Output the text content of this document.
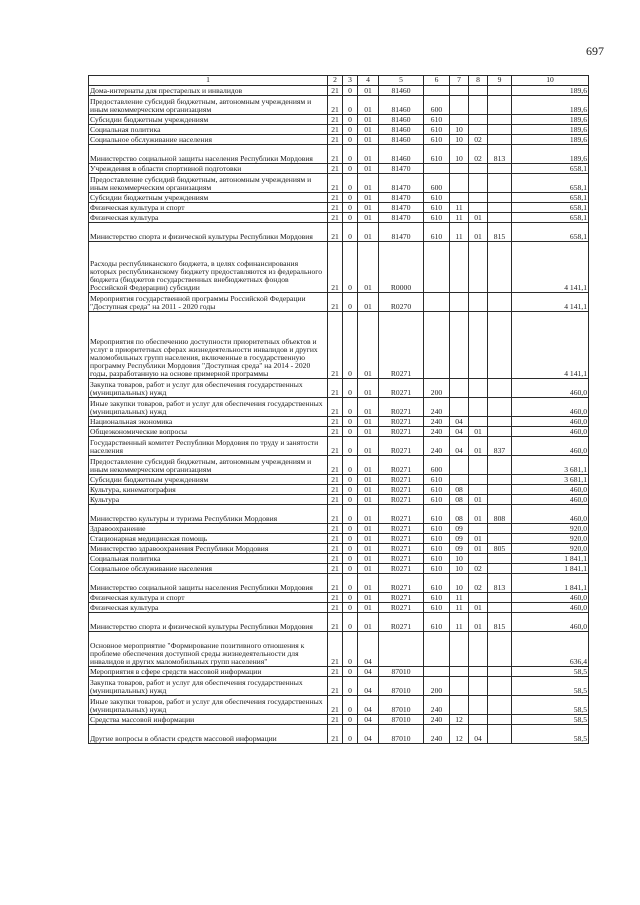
697
1	2	3	4	5	6	7	8	9	10
Дома-интернаты для престарелых и инвалидов	21	0	01	81460					189,6
Предоставление субсидий бюджетным, автономным учреждениям и иным некоммерческим организациям	21	0	01	81460	600				189,6
Субсидии бюджетным учреждениям	21	0	01	81460	610				189,6
Социальная политика	21	0	01	81460	610	10			189,6
Социальное обслуживание населения	21	0	01	81460	610	10	02		189,6
Министерство социальной защиты населения Республики Мордовия	21	0	01	81460	610	10	02	813	189,6
Учреждения в области спортивной подготовки	21	0	01	81470					658,1
Предоставление субсидий бюджетным, автономным учреждениям и иным некоммерческим организациям	21	0	01	81470	600				658,1
Субсидии бюджетным учреждениям	21	0	01	81470	610				658,1
Физическая культура и спорт	21	0	01	81470	610	11			658,1
Физическая культура	21	0	01	81470	610	11	01		658,1
Министерство спорта и физической культуры Республики Мордовия	21	0	01	81470	610	11	01	815	658,1
Расходы республиканского бюджета, в целях софинансирования которых республиканскому бюджету предоставляются из федерального бюджета (бюджетов государственных внебюджетных фондов Российской Федерации) субсидии	21	0	01	R0000					4 141,1
Мероприятия государственной программы Российской Федерации "Доступная среда" на 2011 - 2020 годы	21	0	01	R0270					4 141,1
Мероприятия по обеспечению доступности приоритетных объектов и услуг в приоритетных сферах жизнедеятельности инвалидов и других маломобильных групп населения, включенные в государственную программу Республики Мордовия "Доступная среда" на 2014 - 2020 годы, разработанную на основе примерной программы	21	0	01	R0271					4 141,1
Закупка товаров, работ и услуг для обеспечения государственных (муниципальных) нужд	21	0	01	R0271	200				460,0
Иные закупки товаров, работ и услуг для обеспечения государственных (муниципальных) нужд	21	0	01	R0271	240				460,0
Национальная экономика	21	0	01	R0271	240	04			460,0
Общеэкономические вопросы	21	0	01	R0271	240	04	01		460,0
Государственный комитет Республики Мордовия по труду и занятости населения	21	0	01	R0271	240	04	01	837	460,0
Предоставление субсидий бюджетным, автономным учреждениям и иным некоммерческим организациям	21	0	01	R0271	600				3 681,1
Субсидии бюджетным учреждениям	21	0	01	R0271	610				3 681,1
Культура, кинематография	21	0	01	R0271	610	08			460,0
Культура	21	0	01	R0271	610	08	01		460,0
Министерство культуры и туризма Республики Мордовия	21	0	01	R0271	610	08	01	808	460,0
Здравоохранение	21	0	01	R0271	610	09			920,0
Стационарная медицинская помощь	21	0	01	R0271	610	09	01		920,0
Министерство здравоохранения Республики Мордовия	21	0	01	R0271	610	09	01	805	920,0
Социальная политика	21	0	01	R0271	610	10			1 841,1
Социальное обслуживание населения	21	0	01	R0271	610	10	02		1 841,1
Министерство социальной защиты населения Республики Мордовия	21	0	01	R0271	610	10	02	813	1 841,1
Физическая культура и спорт	21	0	01	R0271	610	11			460,0
Физическая культура	21	0	01	R0271	610	11	01		460,0
Министерство спорта и физической культуры Республики Мордовия	21	0	01	R0271	610	11	01	815	460,0
Основное мероприятие "Формирование позитивного отношения к проблеме обеспечения доступной среды жизнедеятельности для инвалидов и других маломобильных групп населения"	21	0	04						636,4
Мероприятия в сфере средств массовой информации	21	0	04	87010					58,5
Закупка товаров, работ и услуг для обеспечения государственных (муниципальных) нужд	21	0	04	87010	200				58,5
Иные закупки товаров, работ и услуг для обеспечения государственных (муниципальных) нужд	21	0	04	87010	240				58,5
Средства массовой информации	21	0	04	87010	240	12			58,5
Другие вопросы в области средств массовой информации	21	0	04	87010	240	12	04		58,5
